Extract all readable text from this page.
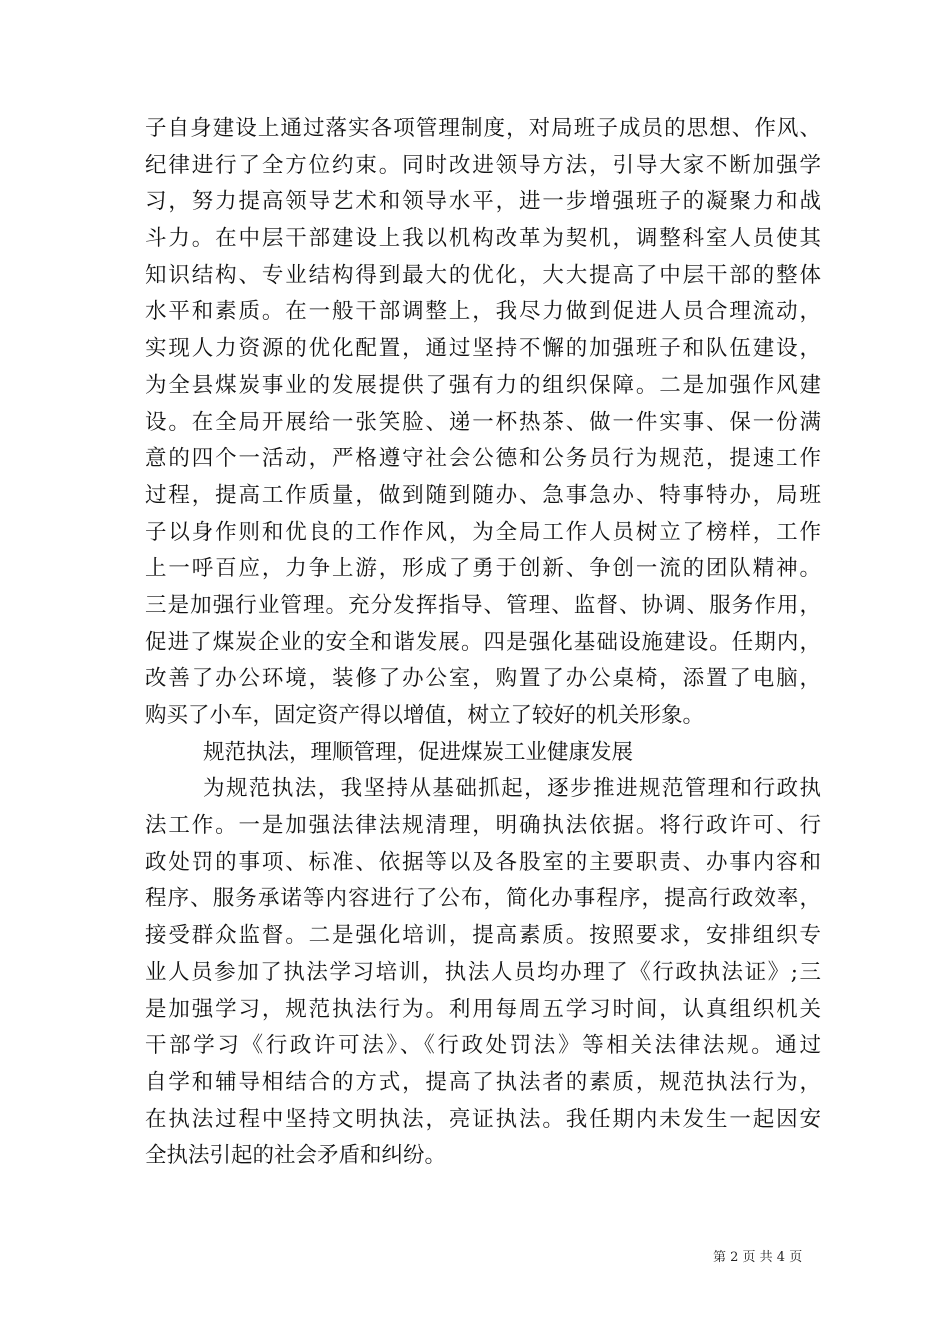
子自身建设上通过落实各项管理制度，对局班子成员的思想、作风、
纪律进行了全方位约束。同时改进领导方法，引导大家不断加强学
习，努力提高领导艺术和领导水平，进一步增强班子的凝聚力和战
斗力。在中层干部建设上我以机构改革为契机，调整科室人员使其
知识结构、专业结构得到最大的优化，大大提高了中层干部的整体
水平和素质。在一般干部调整上，我尽力做到促进人员合理流动，
实现人力资源的优化配置，通过坚持不懈的加强班子和队伍建设，
为全县煤炭事业的发展提供了强有力的组织保障。二是加强作风建
设。在全局开展给一张笑脸、递一杯热茶、做一件实事、保一份满
意的四个一活动，严格遵守社会公德和公务员行为规范，提速工作
过程，提高工作质量，做到随到随办、急事急办、特事特办，局班
子以身作则和优良的工作作风，为全局工作人员树立了榜样，工作
上一呼百应，力争上游，形成了勇于创新、争创一流的团队精神。
三是加强行业管理。充分发挥指导、管理、监督、协调、服务作用，
促进了煤炭企业的安全和谐发展。四是强化基础设施建设。任期内，
改善了办公环境，装修了办公室，购置了办公桌椅，添置了电脑，
购买了小车，固定资产得以增值，树立了较好的机关形象。
规范执法，理顺管理，促进煤炭工业健康发展
为规范执法，我坚持从基础抓起，逐步推进规范管理和行政执
法工作。一是加强法律法规清理，明确执法依据。将行政许可、行
政处罚的事项、标准、依据等以及各股室的主要职责、办事内容和
程序、服务承诺等内容进行了公布，简化办事程序，提高行政效率，
接受群众监督。二是强化培训，提高素质。按照要求，安排组织专
业人员参加了执法学习培训，执法人员均办理了《行政执法证》;三
是加强学习，规范执法行为。利用每周五学习时间，认真组织机关
干部学习《行政许可法》、《行政处罚法》等相关法律法规。通过
自学和辅导相结合的方式，提高了执法者的素质，规范执法行为，
在执法过程中坚持文明执法，亮证执法。我任期内未发生一起因安
全执法引起的社会矛盾和纠纷。
第 2 页 共 4 页
